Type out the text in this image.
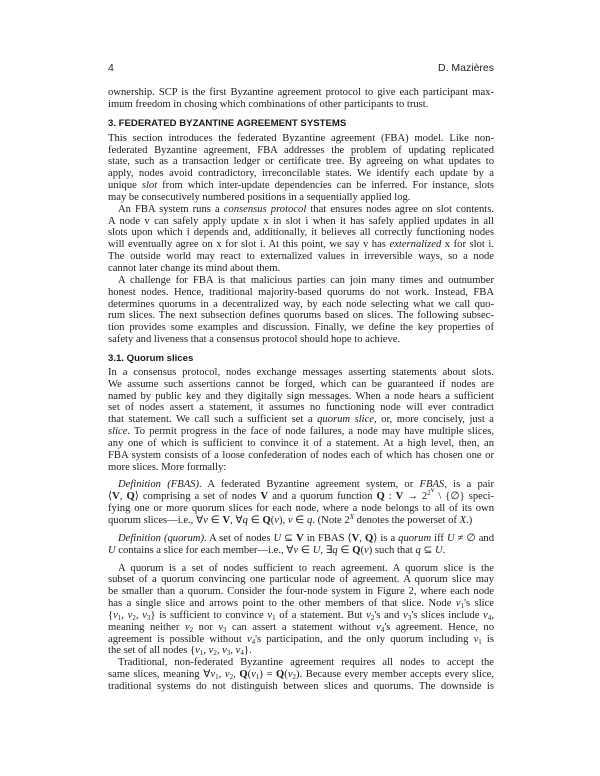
4	D. Mazières
ownership. SCP is the first Byzantine agreement protocol to give each participant max-
imum freedom in chosing which combinations of other participants to trust.
3. FEDERATED BYZANTINE AGREEMENT SYSTEMS
This section introduces the federated Byzantine agreement (FBA) model. Like non-
federated Byzantine agreement, FBA addresses the problem of updating replicated
state, such as a transaction ledger or certificate tree. By agreeing on what updates to
apply, nodes avoid contradictory, irreconcilable states. We identify each update by a
unique slot from which inter-update dependencies can be inferred. For instance, slots
may be consecutively numbered positions in a sequentially applied log.
An FBA system runs a consensus protocol that ensures nodes agree on slot contents.
A node v can safely apply update x in slot i when it has safely applied updates in all
slots upon which i depends and, additionally, it believes all correctly functioning nodes
will eventually agree on x for slot i. At this point, we say v has externalized x for slot i.
The outside world may react to externalized values in irreversible ways, so a node
cannot later change its mind about them.
A challenge for FBA is that malicious parties can join many times and outnumber
honest nodes. Hence, traditional majority-based quorums do not work. Instead, FBA
determines quorums in a decentralized way, by each node selecting what we call quo-
rum slices. The next subsection defines quorums based on slices. The following subsec-
tion provides some examples and discussion. Finally, we define the key properties of
safety and liveness that a consensus protocol should hope to achieve.
3.1. Quorum slices
In a consensus protocol, nodes exchange messages asserting statements about slots.
We assume such assertions cannot be forged, which can be guaranteed if nodes are
named by public key and they digitally sign messages. When a node hears a sufficient
set of nodes assert a statement, it assumes no functioning node will ever contradict
that statement. We call such a sufficient set a quorum slice, or, more concisely, just a
slice. To permit progress in the face of node failures, a node may have multiple slices,
any one of which is sufficient to convince it of a statement. At a high level, then, an
FBA system consists of a loose confederation of nodes each of which has chosen one or
more slices. More formally:
Definition (FBAS). A federated Byzantine agreement system, or FBAS, is a pair
⟨V, Q⟩ comprising a set of nodes V and a quorum function Q : $V \to 2^{2^V}$ \ {∅} speci-
fying one or more quorum slices for each node, where a node belongs to all of its own
quorum slices—i.e., ∀v ∈ V, ∀q ∈ Q(v), v ∈ q. (Note $2^X$ denotes the powerset of X.)
Definition (quorum). A set of nodes U ⊆ V in FBAS ⟨V, Q⟩ is a quorum iff U ≠ ∅ and
U contains a slice for each member—i.e., ∀v ∈ U, ∃q ∈ Q(v) such that q ⊆ U.
A quorum is a set of nodes sufficient to reach agreement. A quorum slice is the
subset of a quorum convincing one particular node of agreement. A quorum slice may
be smaller than a quorum. Consider the four-node system in Figure 2, where each node
has a single slice and arrows point to the other members of that slice. Node $v_1's$ slice
{$v_1$, $v_2$, $v_3$} is sufficient to convince $v_1$ of a statement. But $v_2's$ and $v_3's$ slices include $v_4$,
meaning neither $v_2$ nor $v_3$ can assert a statement without $v_4's$ agreement. Hence, no
agreement is possible without $v_4's$ participation, and the only quorum including $v_1$ is
the set of all nodes {$v_1$, $v_2$, $v_3$, $v_4$}.
Traditional, non-federated Byzantine agreement requires all nodes to accept the
same slices, meaning $\forall v_1$, $v_2$, $Q(v_1) = Q(v_2)$. Because every member accepts every slice,
traditional systems do not distinguish between slices and quorums. The downside is
